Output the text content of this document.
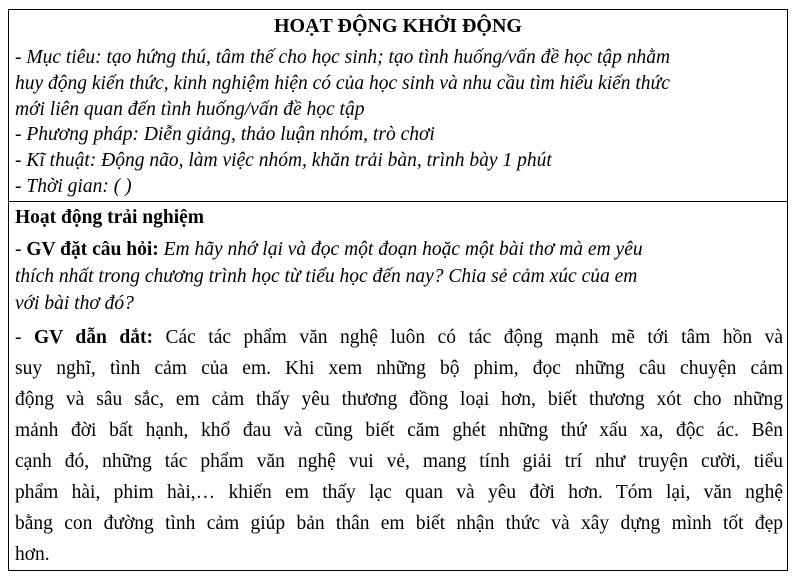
HOẠT ĐỘNG KHỞI ĐỘNG
- Mục tiêu: tạo hứng thú, tâm thế cho học sinh; tạo tình huống/vấn đề học tập nhằm
huy động kiến thức, kinh nghiệm hiện có của học sinh và nhu cầu tìm hiểu kiến thức
mới liên quan đến tình huống/vấn đề học tập
- Phương pháp: Diễn giảng, thảo luận nhóm, trò chơi
- Kĩ thuật: Động não, làm việc nhóm, khăn trải bàn, trình bày 1 phút
- Thời gian: ( )
Hoạt động trải nghiệm
- GV đặt câu hỏi: Em hãy nhớ lại và đọc một đoạn hoặc một bài thơ mà em yêu
thích nhất trong chương trình học từ tiểu học đến nay? Chia sẻ cảm xúc của em
với bài thơ đó?
- GV dẫn dắt: Các tác phẩm văn nghệ luôn có tác động mạnh mẽ tới tâm hồn và
suy nghĩ, tình cảm của em. Khi xem những bộ phim, đọc những câu chuyện cảm
động và sâu sắc, em cảm thấy yêu thương đồng loại hơn, biết thương xót cho những
mảnh đời bất hạnh, khổ đau và cũng biết căm ghét những thứ xấu xa, độc ác. Bên
cạnh đó, những tác phẩm văn nghệ vui vẻ, mang tính giải trí như truyện cười, tiểu
phẩm hài, phim hài,… khiến em thấy lạc quan và yêu đời hơn. Tóm lại, văn nghệ
bằng con đường tình cảm giúp bản thân em biết nhận thức và xây dựng mình tốt đẹp
hơn.
